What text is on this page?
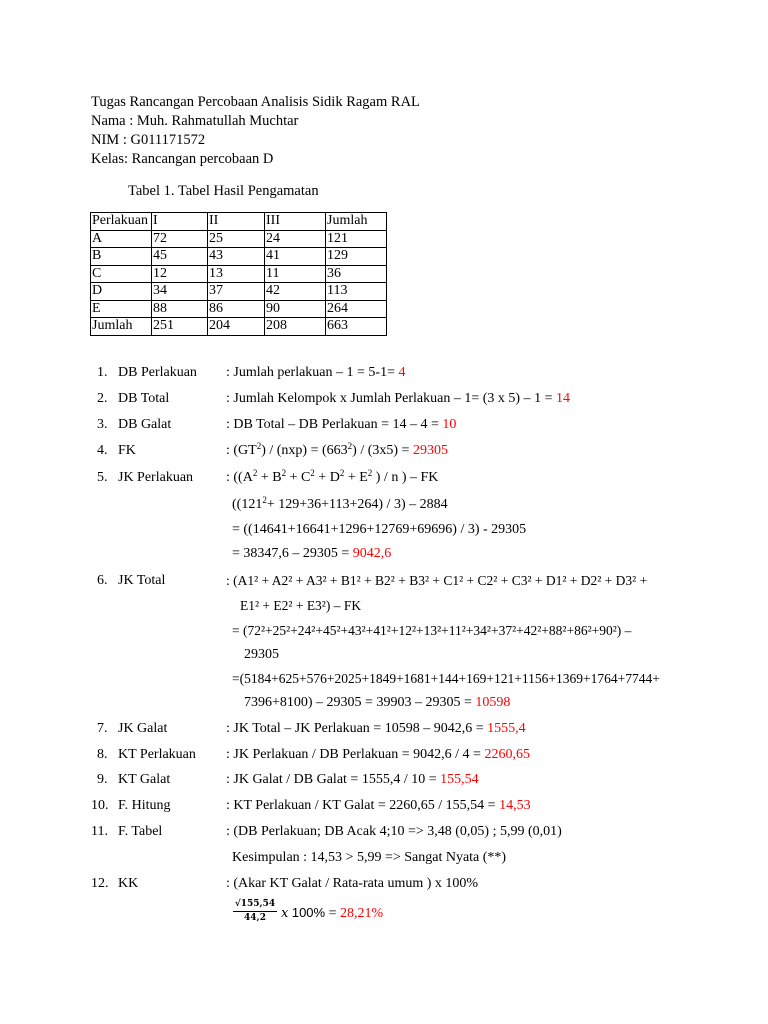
Tugas Rancangan Percobaan Analisis Sidik Ragam RAL
Nama : Muh. Rahmatullah Muchtar
NIM : G011171572
Kelas: Rancangan percobaan D
Tabel 1. Tabel Hasil Pengamatan
Perlakuan	I	II	III	Jumlah
A	72	25	24	121
B	45	43	41	129
C	12	13	11	36
D	34	37	42	113
E	88	86	90	264
Jumlah	251	204	208	663
1. DB Perlakuan : Jumlah perlakuan – 1 = 5-1= 4
2. DB Total	: Jumlah Kelompok x Jumlah Perlakuan – 1= (3 x 5) – 1 = 14
3. DB Galat	: DB Total – DB Perlakuan = 14 – 4 = 10
4. FK	: $(GT^2) / (nxp) = (663^2) / (3x5) = 29305$
5. JK Perlakuan : (($A^2 + B^2 + C^2 + D^2 + E^2$ ) / n ) – FK
$((121^2+ 129+36+113+264) / 3) - 2884$
= ((14641+16641+1296+12769+69696) / 3) - 29305
= 38347,6 – 29305 = 9042,6
6. JK Total	: (A1² + A2² + A3² + B1² + B2² + B3² + C1² + C2² + C3² + D1² + D2² + D3² +
E1² + E2² + E3²) – FK
= (72²+25²+24²+45²+43²+41²+12²+13²+11²+34²+37²+42²+88²+86²+90²) –
29305
=(5184+625+576+2025+1849+1681+144+169+121+1156+1369+1764+7744+
7396+8100) – 29305 = 39903 – 29305 = 10598
7. JK Galat	: JK Total – JK Perlakuan = 10598 – 9042,6 = 1555,4
8. KT Perlakuan : JK Perlakuan / DB Perlakuan = 9042,6 / 4 = 2260,65
9. KT Galat	: JK Galat / DB Galat = 1555,4 / 10 = 155,54
10. F. Hitung	: KT Perlakuan / KT Galat = 2260,65 / 155,54 = 14,53
11. F. Tabel	: (DB Perlakuan; DB Acak 4;10 => 3,48 (0,05) ; 5,99 (0,01)
Kesimpulan : 14,53 > 5,99 => Sangat Nyata (**)
12. KK	: (Akar KT Galat / Rata-rata umum ) x 100%
$\frac{√155,54}{44,2}$ x 100% = 28,21%
